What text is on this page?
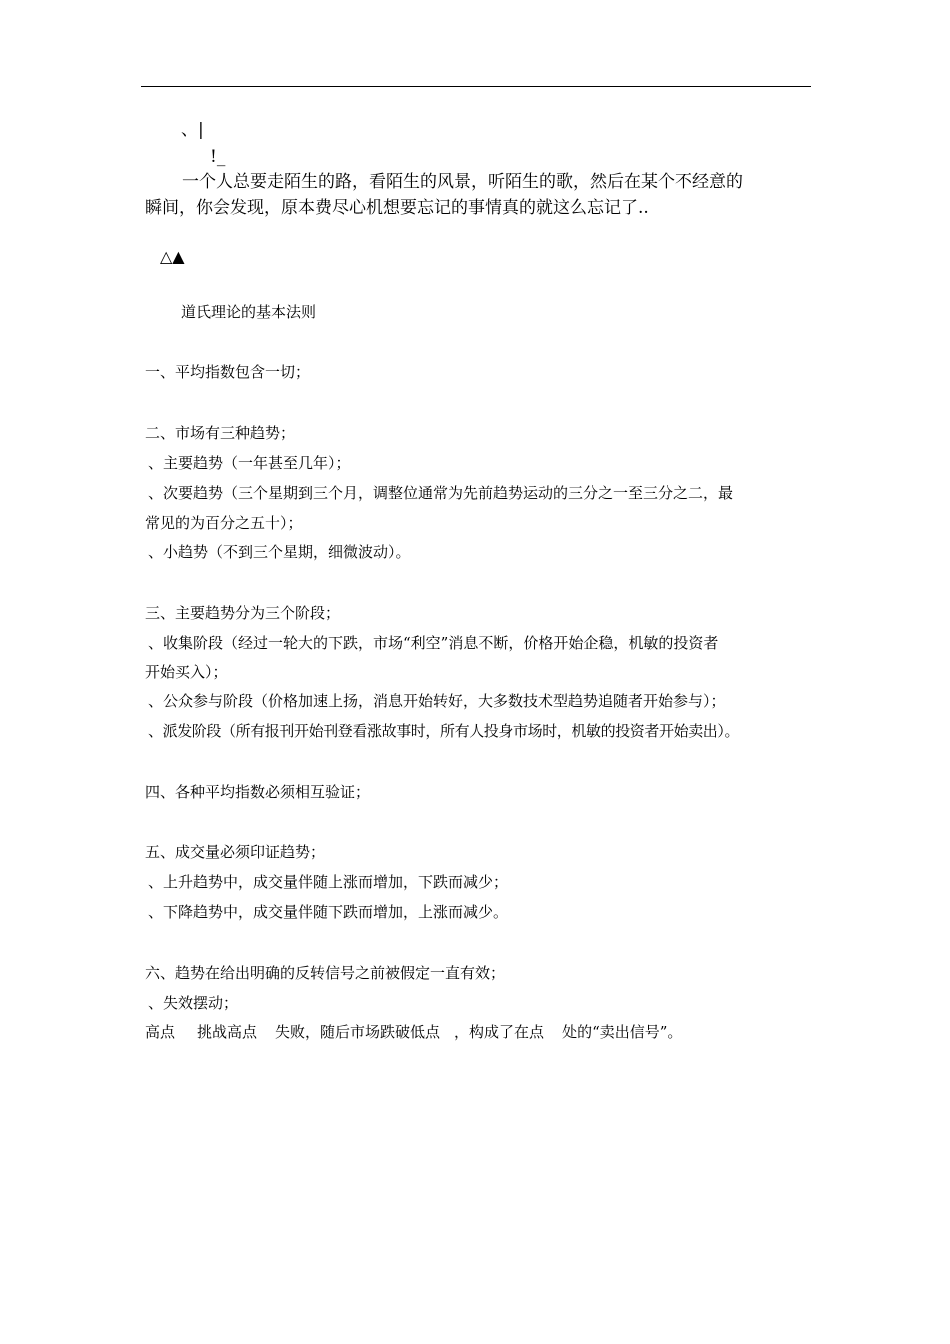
、|
!_
一个人总要走陌生的路，看陌生的风景，听陌生的歌，然后在某个不经意的
瞬间，你会发现，原本费尽心机想要忘记的事情真的就这么忘记了..
△▲
道氏理论的基本法则
一、平均指数包含一切；
二、市场有三种趋势；
、主要趋势（一年甚至几年）；
、次要趋势（三个星期到三个月，调整位通常为先前趋势运动的三分之一至三分之二，最
常见的为百分之五十）；
、小趋势（不到三个星期，细微波动）。
三、主要趋势分为三个阶段；
、收集阶段（经过一轮大的下跌，市场“利空”消息不断，价格开始企稳，机敏的投资者
开始买入）；
、公众参与阶段（价格加速上扬，消息开始转好，大多数技术型趋势追随者开始参与）；
、派发阶段（所有报刊开始刊登看涨故事时，所有人投身市场时，机敏的投资者开始卖出）。
四、各种平均指数必须相互验证；
五、成交量必须印证趋势；
、上升趋势中，成交量伴随上涨而增加，下跌而减少；
、下降趋势中，成交量伴随下跌而增加，上涨而减少。
六、趋势在给出明确的反转信号之前被假定一直有效；
、失效摆动；
高点 挑战高点 失败，随后市场跌破低点 ，构成了在点 处的“卖出信号”。
